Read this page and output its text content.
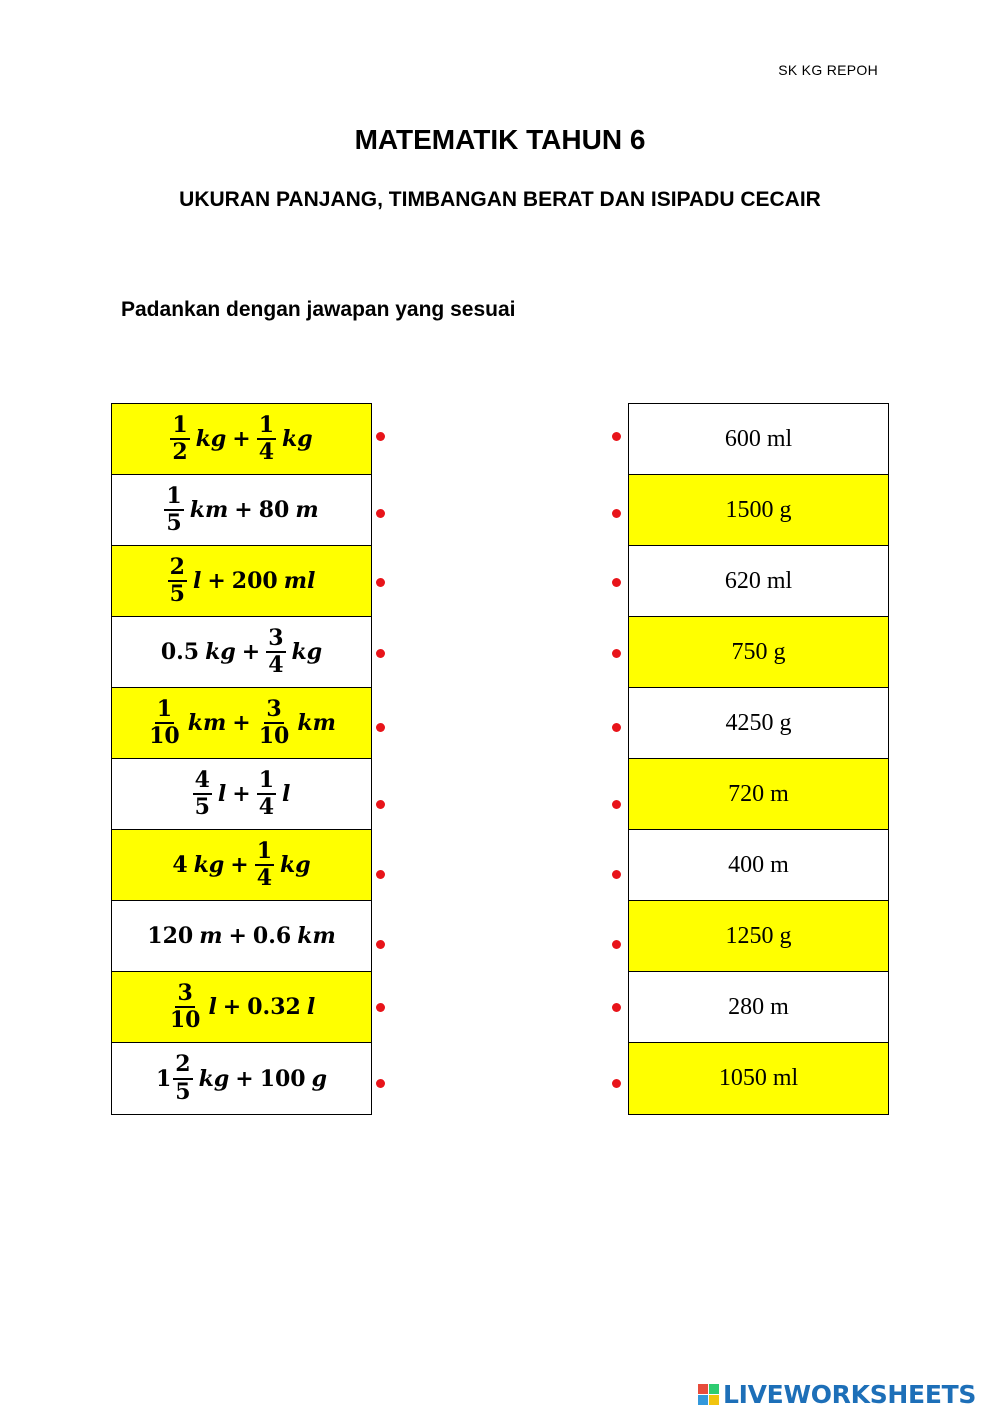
SK KG REPOH
MATEMATIK TAHUN 6
UKURAN PANJANG, TIMBANGAN BERAT DAN ISIPADU CECAIR
Padankan dengan jawapan yang sesuai
$\frac{1}{2}$ kg + $\frac{1}{4}$ kg
$\frac{1}{5}$ km + 80 m
$\frac{2}{5}$ l + 200 ml
0.5 kg + $\frac{3}{4}$ kg
$\frac{1}{10}$ km + $\frac{3}{10}$ km
$\frac{4}{5}$ $l + \frac{1}{4}$ l
4 kg + $\frac{1}{4}$ kg
120 m + 0.6 km
$\frac{3}{10}$ l + 0.32 l
$1 \frac{2}{5}$ kg + 100 g
600 ml
1500 g
620 ml
750 g
4250 g
720 m
400 m
1250 g
280 m
1050 ml
LIVEWORKSHEETS
